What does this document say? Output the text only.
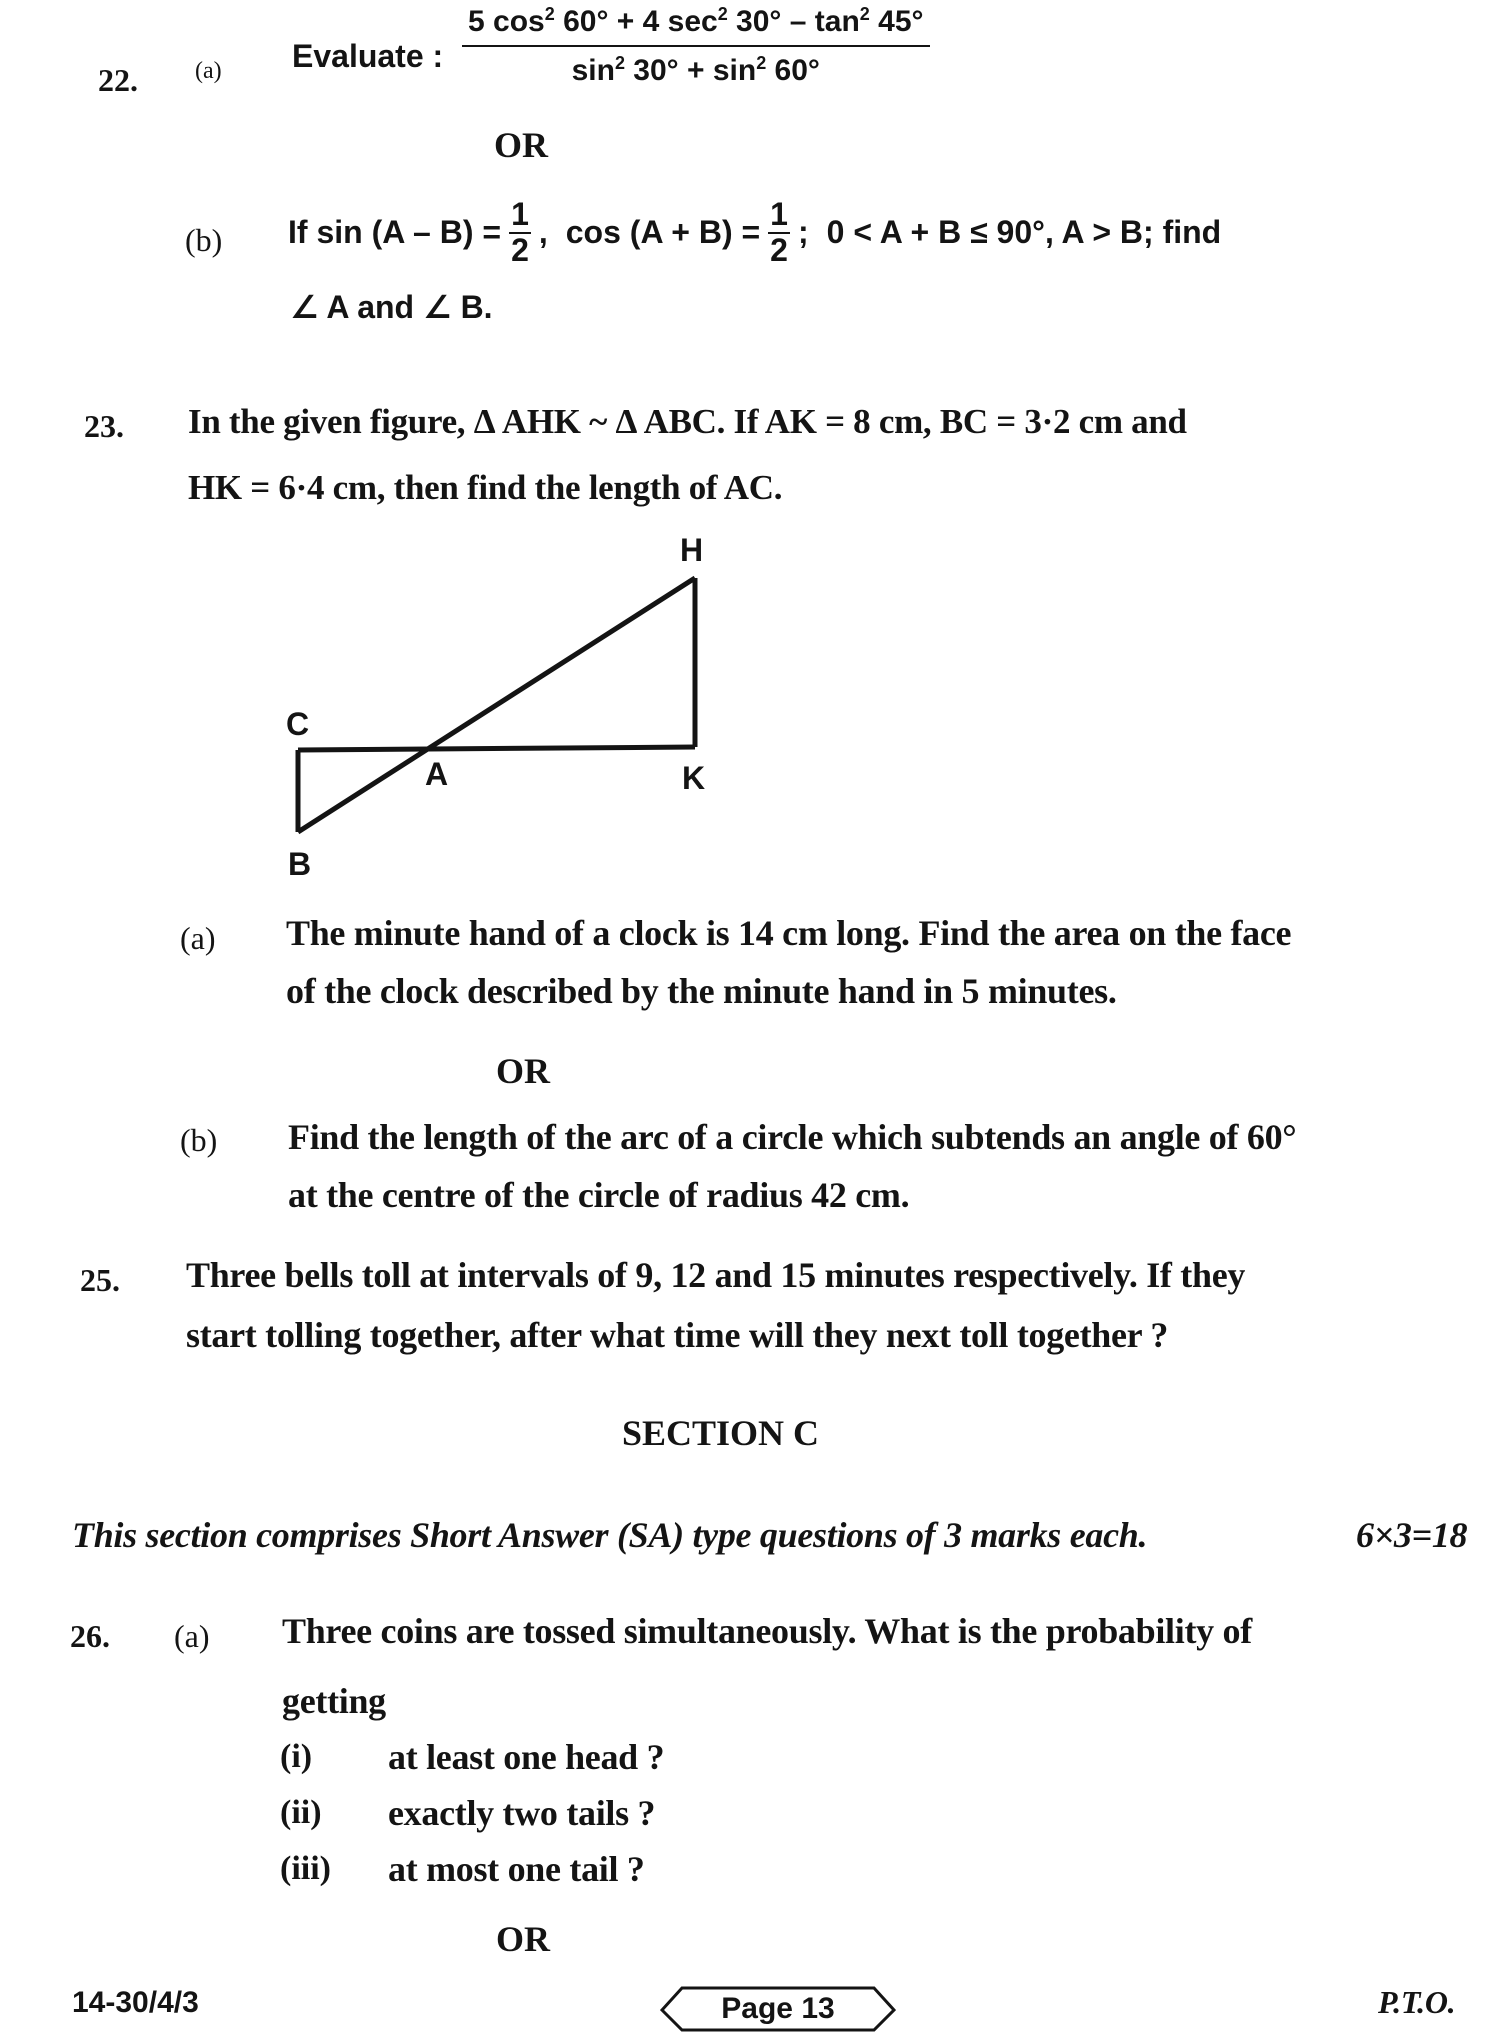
22. (a) Evaluate :
5 $\cos^2 60^\circ + 4$ $\sec^2 30^\circ - \tan^2 45^\circ$
$\sin^2 30^\circ + \sin^2 60^\circ$
OR
(b) If $\sin (A - B) = \frac{1}{2}$ , $\cos (A + B) = \frac{1}{2}$ ; 0 < A + B ≤ 90°, A > B; find
∠ A and ∠ B.
23. In the given figure, Δ AHK ~ Δ ABC. If AK = 8 cm, BC = 3·2 cm and
HK = 6·4 cm, then find the length of AC.
H
C
A	K
B
(a) The minute hand of a clock is 14 cm long. Find the area on the face
of the clock described by the minute hand in 5 minutes.
OR
(b) Find the length of the arc of a circle which subtends an angle of 60°
at the centre of the circle of radius 42 cm.
25. Three bells toll at intervals of 9, 12 and 15 minutes respectively. If they
start tolling together, after what time will they next toll together ?
SECTION C
This section comprises Short Answer (SA) type questions of 3 marks each.	6×3=18
26. (a) Three coins are tossed simultaneously. What is the probability of
getting
(i) at least one head ?
(ii) exactly two tails ?
(iii) at most one tail ?
OR
14-30/4/3	Page 13	P.T.O.
